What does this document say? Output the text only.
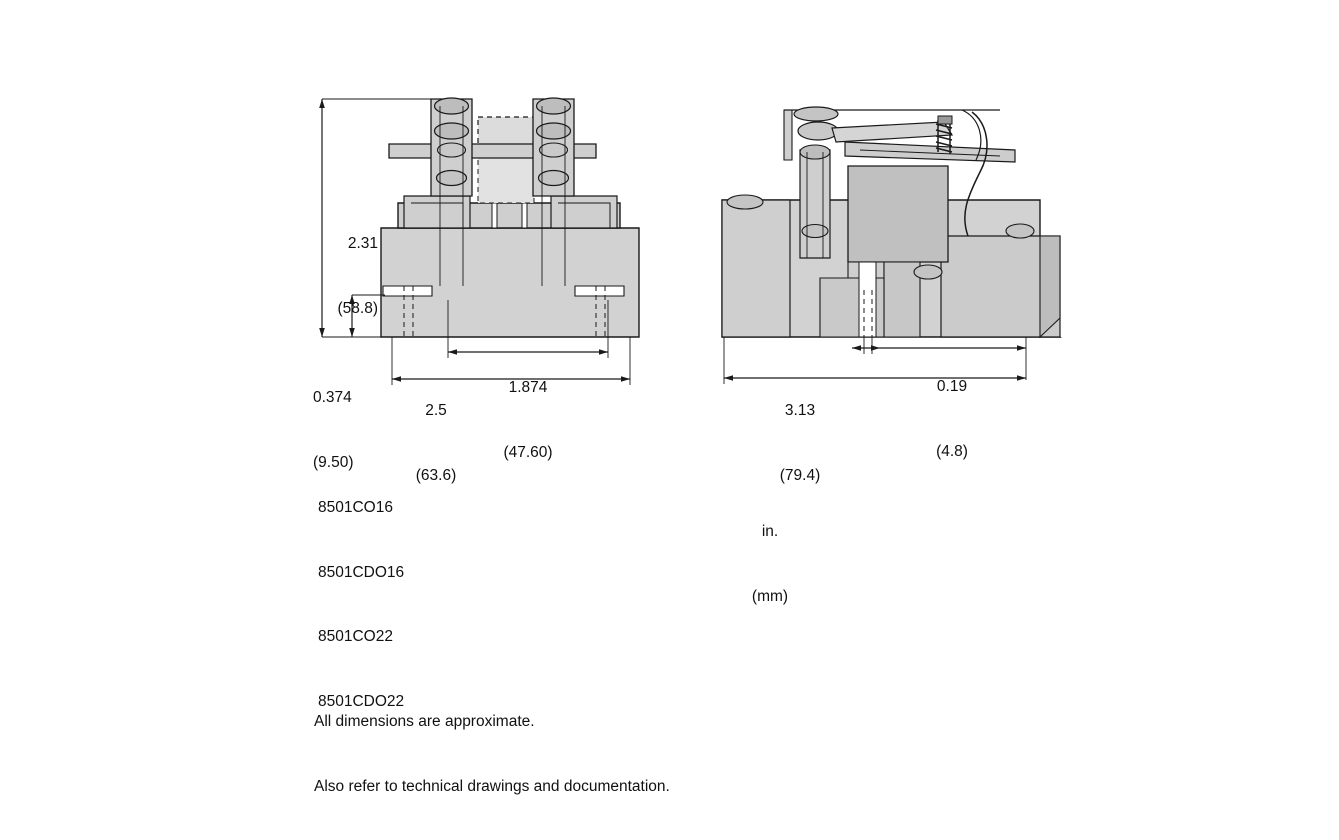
2.31

(58.8)

0.374

(9.50)

1.874

(47.60)

2.5

(63.6)

0.19

(4.8)

3.13

(79.4)

8501CO16

8501CDO16

8501CO22

8501CDO22

in.

(mm)

All dimensions are approximate.

Also refer to technical drawings and documentation.
